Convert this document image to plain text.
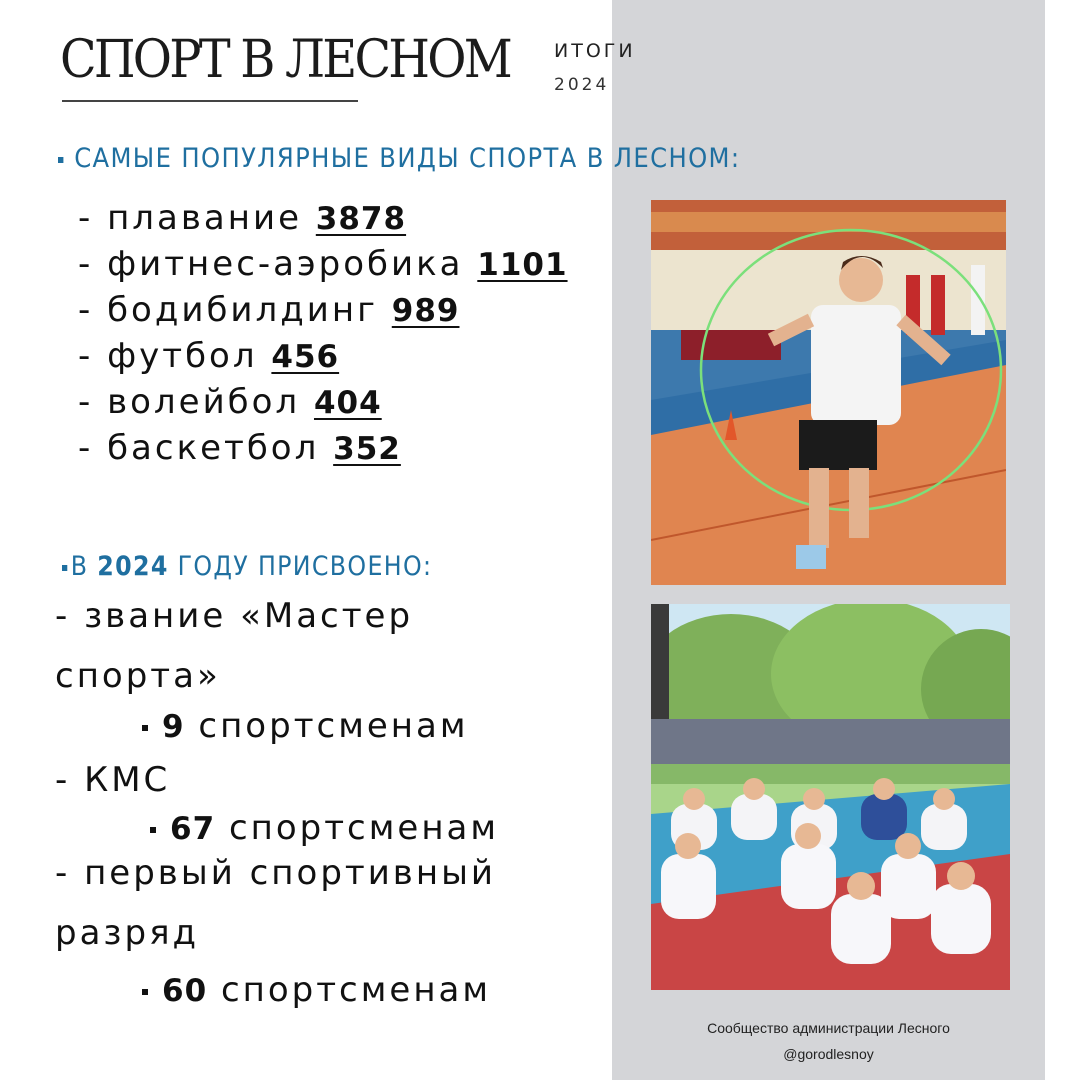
СПОРТ В ЛЕСНОМ ИТОГИ
2024
САМЫЕ ПОПУЛЯРНЫЕ ВИДЫ СПОРТА В ЛЕСНОМ:
- плавание 3878
- фитнес-аэробика 1101
- бодибилдинг 989
- футбол 456
- волейбол 404
- баскетбол 352
В 2024 ГОДУ ПРИСВОЕНО:
- звание «Мастер
спорта»
9 спортсменам
- КМС
67 спортсменам
- первый спортивный
разряд
60 спортсменам
Сообщество администрации Лесного
@gorodlesnoy
